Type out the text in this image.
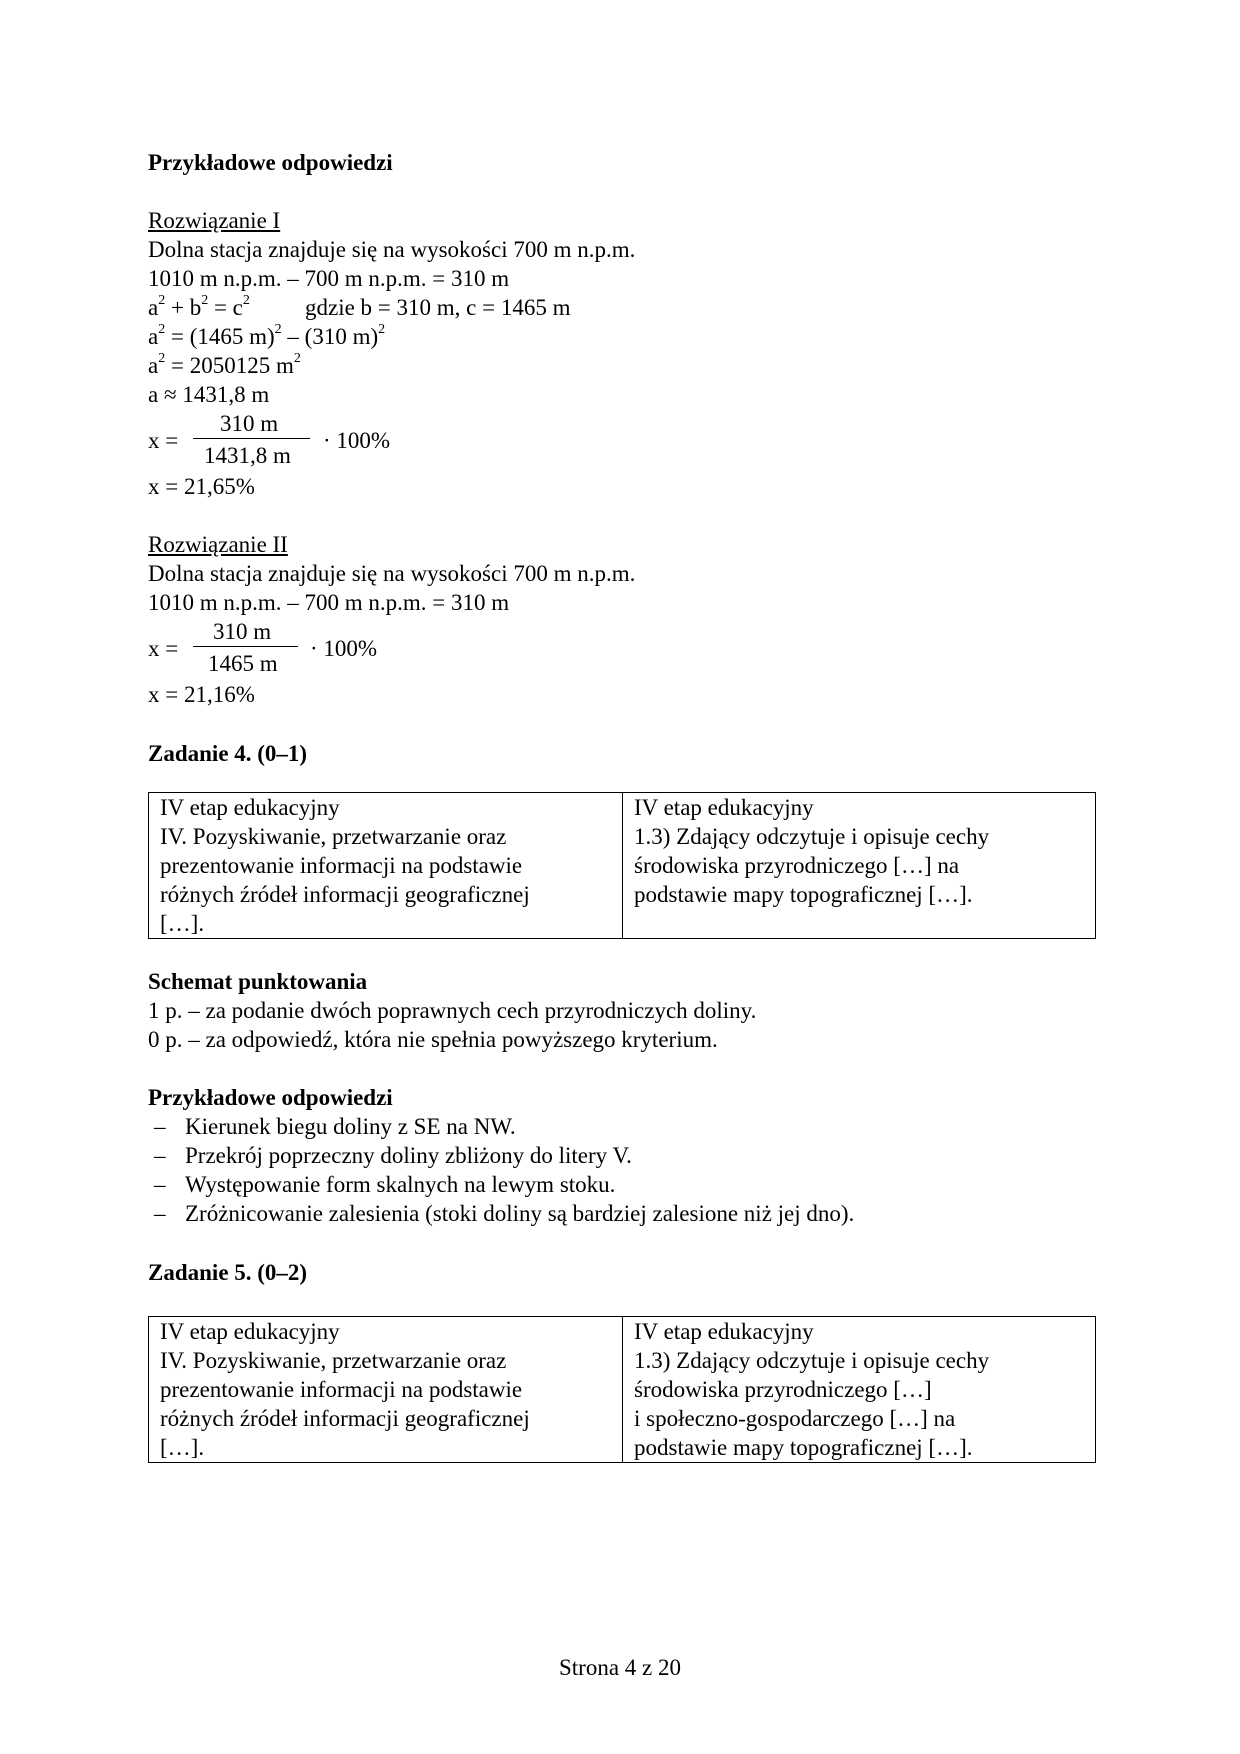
Przykładowe odpowiedzi
Rozwiązanie I
Dolna stacja znajduje się na wysokości 700 m n.p.m.
1010 m n.p.m. – 700 m n.p.m. = 310 m
$a^2 + b^2 = c^2$ gdzie b = 310 m, c = 1465 m
$a^2 = (1465$ m)$^2$ – (310 m)$^2$
$a^2 = 2050125$ $m^2$
a ≈ 1431,8 m
x =
310 m
1431,8 m
· 100%
x = 21,65%
Rozwiązanie II
Dolna stacja znajduje się na wysokości 700 m n.p.m.
1010 m n.p.m. – 700 m n.p.m. = 310 m
x =
310 m
1465 m
· 100%
x = 21,16%
Zadanie 4. (0–1)
IV etap edukacyjny
IV. Pozyskiwanie, przetwarzanie oraz
prezentowanie informacji na podstawie
różnych źródeł informacji geograficznej
[…].

IV etap edukacyjny
1.3) Zdający odczytuje i opisuje cechy
środowiska przyrodniczego […] na
podstawie mapy topograficznej […].
Schemat punktowania
1 p. – za podanie dwóch poprawnych cech przyrodniczych doliny.
0 p. – za odpowiedź, która nie spełnia powyższego kryterium.
Przykładowe odpowiedzi
– Kierunek biegu doliny z SE na NW.
– Przekrój poprzeczny doliny zbliżony do litery V.
– Występowanie form skalnych na lewym stoku.
– Zróżnicowanie zalesienia (stoki doliny są bardziej zalesione niż jej dno).
Zadanie 5. (0–2)
IV etap edukacyjny
IV. Pozyskiwanie, przetwarzanie oraz
prezentowanie informacji na podstawie
różnych źródeł informacji geograficznej
[…].

IV etap edukacyjny
1.3) Zdający odczytuje i opisuje cechy
środowiska przyrodniczego […]
i społeczno-gospodarczego […] na
podstawie mapy topograficznej […].
Strona 4 z 20
